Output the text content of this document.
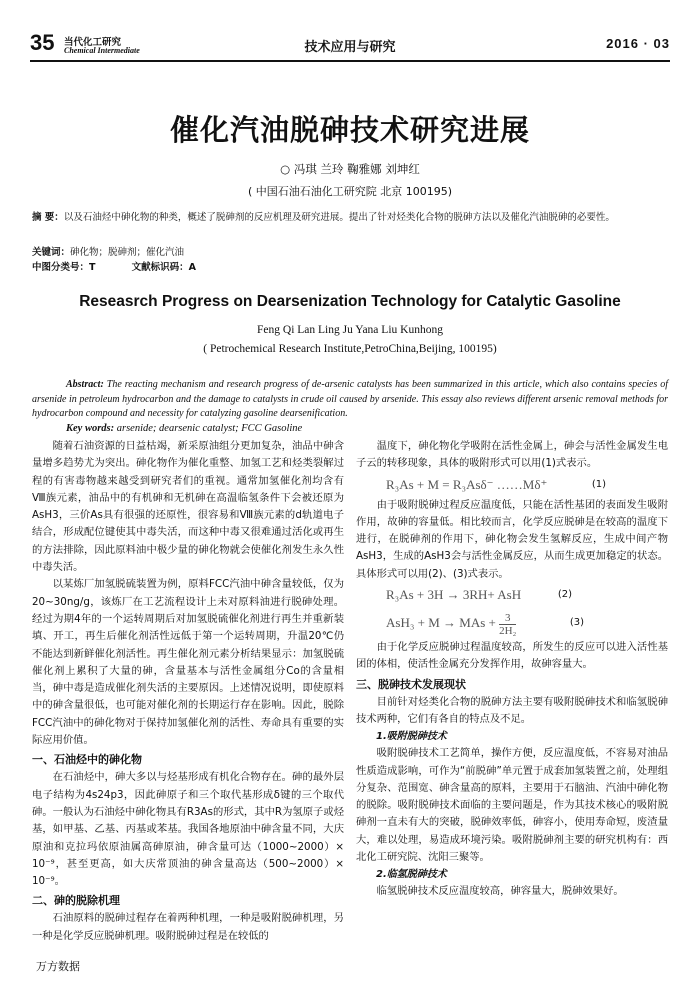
35 当代化工研究
Chemical Intermediate	技术应用与研究	2016 · 03
催化汽油脱砷技术研究进展
○ 冯琪 兰玲 鞠雅娜 刘坤红
( 中国石油石油化工研究院 北京 100195)
摘 要：以及石油烃中砷化物的种类，概述了脱砷剂的反应机理及研究进展。提出了针对烃类化合物的脱砷方法以及催化汽油脱砷的必要性。
关键词：砷化物；脱砷剂；催化汽油
中图分类号：T	文献标识码：A
Reseasrch Progress on Dearsenization Technology for Catalytic Gasoline
Feng Qi Lan Ling Ju Yana Liu Kunhong
( Petrochemical Research Institute,PetroChina,Beijing, 100195)
Abstract: The reacting mechanism and research progress of de-arsenic catalysts has been summarized in this article, which also contains species of arsenide in petroleum hydrocarbon and the damage to catalysts in crude oil caused by arsenide. This essay also reviews different arsenic removal methods for hydrocarbon compound and necessity for catalyzing gasoline dearsenification.
Key words: arsenide; dearsenic catalyst; FCC Gasoline

随着石油资源的日益枯竭，新采原油组分更加复杂，油品中砷含量增多趋势尤为突出。砷化物作为催化重整、加氢工艺和烃类裂解过程的有害毒物越来越受到研究者们的重视。通常加氢催化剂均含有Ⅷ族元素，油品中的有机砷和无机砷在高温临氢条件下会被还原为AsH3，三价As具有很强的还原性，很容易和Ⅷ族元素的d轨道电子结合，形成配位键使其中毒失活，而这种中毒又很难通过活化或再生的方法排除，因此原料油中极少量的砷化物就会使催化剂发生永久性中毒失活。

以某炼厂加氢脱硫装置为例，原料FCC汽油中砷含量较低，仅为20~30ng/g，该炼厂在工艺流程设计上未对原料油进行脱砷处理。经过为期4年的一个运转周期后对加氢脱硫催化剂进行再生并重新装填、开工，再生后催化剂活性远低于第一个运转周期，升温20℃仍不能达到新鲜催化剂活性。再生催化剂元素分析结果显示：加氢脱硫催化剂上累积了大量的砷，含量基本与活性金属组分Co的含量相当，砷中毒是造成催化剂失活的主要原因。上述情况说明，即使原料中的砷含量很低，也可能对催化剂的长期运行存在影响。因此，脱除FCC汽油中的砷化物对于保持加氢催化剂的活性、寿命具有重要的实际应用价值。

一、石油烃中的砷化物

在石油烃中，砷大多以与烃基形成有机化合物存在。砷的最外层电子结构为4s24p3，因此砷原子和三个取代基形成δ键的三个取代砷。一般认为石油烃中砷化物具有R3As的形式，其中R为氢原子或烃基，如甲基、乙基、丙基或苯基。我国各地原油中砷含量不同，大庆原油和克拉玛依原油属高砷原油，砷含量可达（1000~2000）× 10⁻⁹，甚至更高，如大庆常顶油的砷含量高达（500~2000）× 10⁻⁹。

二、砷的脱除机理

石油原料的脱砷过程存在着两种机理，一种是吸附脱砷机理，另一种是化学反应脱砷机理。吸附脱砷过程是在较低的

温度下，砷化物化学吸附在活性金属上，砷会与活性金属发生电子云的转移现象，具体的吸附形式可以用(1)式表示。

R₃As + M = R₃Asδ⁻ ……Mδ⁺	(1)

由于吸附脱砷过程反应温度低，只能在活性基团的表面发生吸附作用，故砷的容量低。相比较而言，化学反应脱砷是在较高的温度下进行，在脱砷剂的作用下，砷化物会发生氢解反应，生成中间产物AsH3，生成的AsH3会与活性金属反应，从而生成更加稳定的状态。具体形式可以用(2)、(3)式表示。

R₃As + 3H → 3RH+ AsH	(2)
AsH₃ + M → MAs + $\frac{3}{\text{2H₂}}$	(3)

由于化学反应脱砷过程温度较高，所发生的反应可以进入活性基团的体相，使活性金属充分发挥作用，故砷容量大。

三、脱砷技术发展现状

目前针对烃类化合物的脱砷方法主要有吸附脱砷技术和临氢脱砷技术两种，它们有各自的特点及不足。

1.吸附脱砷技术

吸附脱砷技术工艺简单，操作方便，反应温度低，不容易对油品性质造成影响，可作为“前脱砷”单元置于成套加氢装置之前，处理组分复杂、范围宽、砷含量高的原料，主要用于石脑油、汽油中砷化物的脱除。吸附脱砷技术面临的主要问题是，作为其技术核心的吸附脱砷剂一直未有大的突破，脱砷效率低，砷容小，使用寿命短，废渣量大，难以处理，易造成环境污染。吸附脱砷剂主要的研究机构有：西北化工研究院、沈阳三聚等。

2.临氢脱砷技术

临氢脱砷技术反应温度较高，砷容量大，脱砷效果好。

万方数据
